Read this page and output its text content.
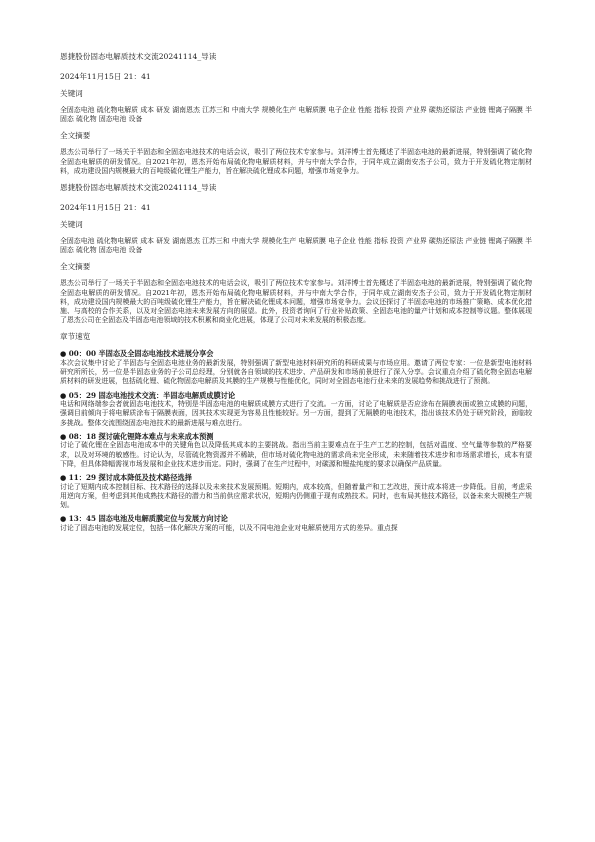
恩捷股份固态电解质技术交流20241114_导读

2024年11月15日 21：41

关键词

全固态电池 硫化物电解质 成本 研发 湖南恩杰 江苏三和 中南大学 规模化生产 电解质膜 电子企业 性能 指标 投资 产业界 碳热还原法 产业链 锂离子隔膜 半固态 硫化物 固态电池 设备

全文摘要

恩杰公司举行了一场关于半固态和全固态电池技术的电话会议，吸引了两位技术专家参与。刘洋博士首先概述了半固态电池的最新进展，特别强调了硫化物全固态电解质的研发情况。自2021年初，恩杰开始布局硫化物电解质材料，并与中南大学合作，于同年成立湖南安杰子公司，致力于开发硫化物定制材料，成功建设国内规模最大的百吨级硫化锂生产能力，旨在解决硫化锂成本问题，增强市场竞争力。

恩捷股份固态电解质技术交流20241114_导读

2024年11月15日 21：41

关键词

全固态电池 硫化物电解质 成本 研发 湖南恩杰 江苏三和 中南大学 规模化生产 电解质膜 电子企业 性能 指标 投资 产业界 碳热还原法 产业链 锂离子隔膜 半固态 硫化物 固态电池 设备

全文摘要

恩杰公司举行了一场关于半固态和全固态电池技术的电话会议，吸引了两位技术专家参与。刘洋博士首先概述了半固态电池的最新进展，特别强调了硫化物全固态电解质的研发情况。自2021年初，恩杰开始布局硫化物电解质材料，并与中南大学合作，于同年成立湖南安杰子公司，致力于开发硫化物定制材料，成功建设国内规模最大的百吨级硫化锂生产能力，旨在解决硫化锂成本问题，增强市场竞争力。会议还探讨了半固态电池的市场推广策略、成本优化措施、与高校的合作关系，以及对全固态电池未来发展方向的展望。此外，投资者询问了行业补贴政策、全固态电池的量产计划和成本控制等议题。整体展现了恩杰公司在全固态及半固态电池领域的技术积累和商业化进展，体现了公司对未来发展的积极态度。

章节速览

● 00：00 半固态及全固态电池技术进展分享会

本次会议集中讨论了半固态与全固态电池业务的最新发展，特别强调了新型电池材料研究所的科研成果与市场应用。邀请了两位专家：一位是新型电池材料研究所所长，另一位是半固态业务的子公司总经理，分别就各自领域的技术进步、产品研发和市场前景进行了深入分享。会议重点介绍了硫化物全固态电解质材料的研发进展，包括硫化锂、硫化物固态电解质及其膜的生产规模与性能优化，同时对全固态电池行业未来的发展趋势和挑战进行了预测。

● 05：29 固态电池技术交流：半固态电解质成膜讨论

电话和网络端参会者就固态电池技术，特别是半固态电池的电解质成膜方式进行了交流。一方面，讨论了电解质是否应涂布在隔膜表面或独立成膜的问题，强调目前倾向于将电解质涂布于隔膜表面，因其技术实现更为容易且性能较好。另一方面，提到了无隔膜的电池技术，指出该技术仍处于研究阶段，面临较多挑战。整体交流围绕固态电池技术的最新进展与难点进行。

● 08：18 探讨硫化锂降本难点与未来成本预测

讨论了硫化锂在全固态电池成本中的关键角色以及降低其成本的主要挑战。指出当前主要难点在于生产工艺的控制，包括对温度、空气量等参数的严格要求，以及对环境的敏感性。讨论认为，尽管硫化物资源并不稀缺，但市场对硫化物电池的需求尚未完全形成，未来随着技术进步和市场需求增长，成本有望下降，但具体降幅需视市场发展和企业技术进步而定。同时，强调了在生产过程中，对碳源和锂盐纯度的要求以确保产品质量。

● 11：29 探讨成本降低及技术路径选择

讨论了短期内成本控制目标、技术路径的选择以及未来技术发展预期。短期内，成本较高，但随着量产和工艺改进，预计成本将进一步降低。目前，考虑采用逆向方案，但考虑到其他成熟技术路径的潜力和当前供应需求状况，短期内仍侧重于现有成熟技术。同时，也布局其他技术路径，以备未来大规模生产规划。

● 13：45 固态电池及电解质膜定位与发展方向讨论

讨论了固态电池的发展定位，包括一体化解决方案的可能，以及不同电池企业对电解质使用方式的差异。重点探
